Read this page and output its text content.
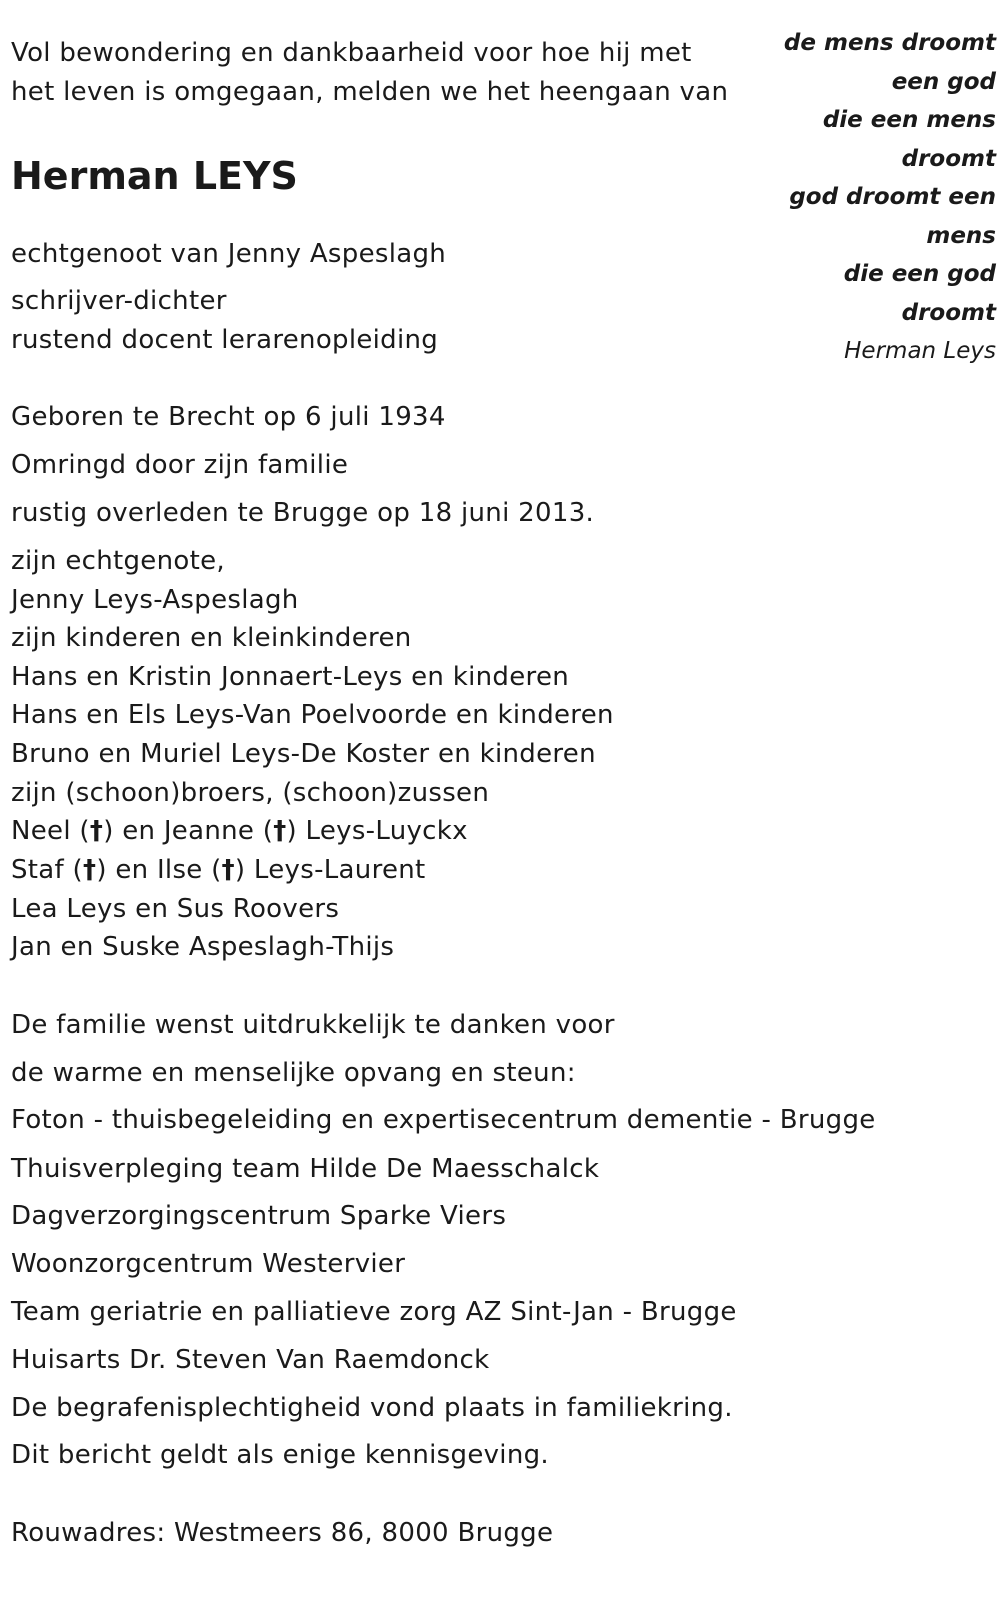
Vol bewondering en dankbaarheid voor hoe hij met
het leven is omgegaan, melden we het heengaan van
Herman LEYS
echtgenoot van Jenny Aspeslagh
schrijver-dichter
rustend docent lerarenopleiding
Geboren te Brecht op 6 juli 1934
Omringd door zijn familie
rustig overleden te Brugge op 18 juni 2013.
zijn echtgenote,
Jenny Leys-Aspeslagh
zijn kinderen en kleinkinderen
Hans en Kristin Jonnaert-Leys en kinderen
Hans en Els Leys-Van Poelvoorde en kinderen
Bruno en Muriel Leys-De Koster en kinderen
zijn (schoon)broers, (schoon)zussen
Neel (†) en Jeanne (†) Leys-Luyckx
Staf (†) en Ilse (†) Leys-Laurent
Lea Leys en Sus Roovers
Jan en Suske Aspeslagh-Thijs
De familie wenst uitdrukkelijk te danken voor
de warme en menselijke opvang en steun:
Foton - thuisbegeleiding en expertisecentrum dementie - Brugge
Thuisverpleging team Hilde De Maesschalck
Dagverzorgingscentrum Sparke Viers
Woonzorgcentrum Westervier
Team geriatrie en palliatieve zorg AZ Sint-Jan - Brugge
Huisarts Dr. Steven Van Raemdonck
De begrafenisplechtigheid vond plaats in familiekring.
Dit bericht geldt als enige kennisgeving.
Rouwadres: Westmeers 86, 8000 Brugge
de mens droomt
een god
die een mens
droomt
god droomt een
mens
die een god
droomt
Herman Leys
